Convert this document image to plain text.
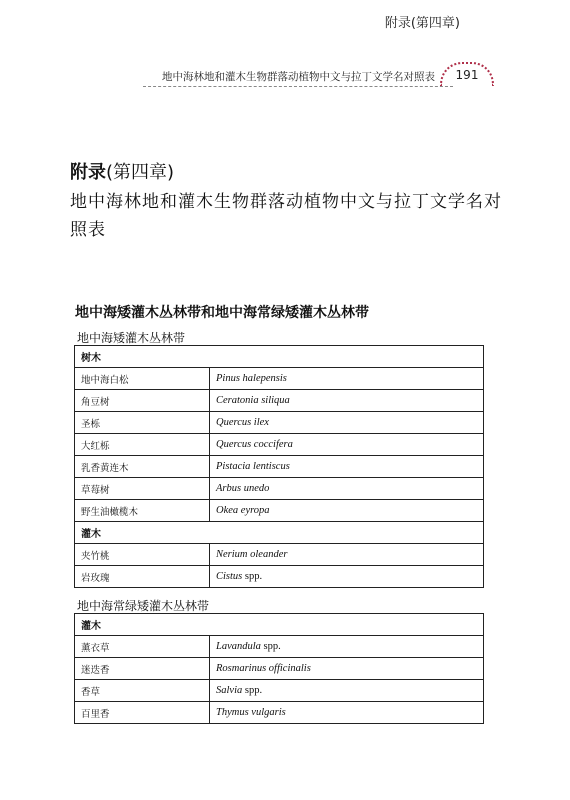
附录(第四章)
地中海林地和灌木生物群落动植物中文与拉丁文学名对照表	191
附录(第四章)
地中海林地和灌木生物群落动植物中文与拉丁文学名对照表
地中海矮灌木丛林带和地中海常绿矮灌木丛林带
地中海矮灌木丛林带
树木	
地中海白松	Pinus halepensis
角豆树	Ceratonia siliqua
圣栎	Quercus ilex
大红栎	Quercus coccifera
乳香黄连木	Pistacia lentiscus
草莓树	Arbus unedo
野生油橄榄木	Okea eyropa
灌木	
夹竹桃	Nerium oleander
岩玫瑰	Cistus spp.
地中海常绿矮灌木丛林带
灌木	
薰衣草	Lavandula spp.
迷迭香	Rosmarinus officinalis
香草	Salvia spp.
百里香	Thymus vulgaris
